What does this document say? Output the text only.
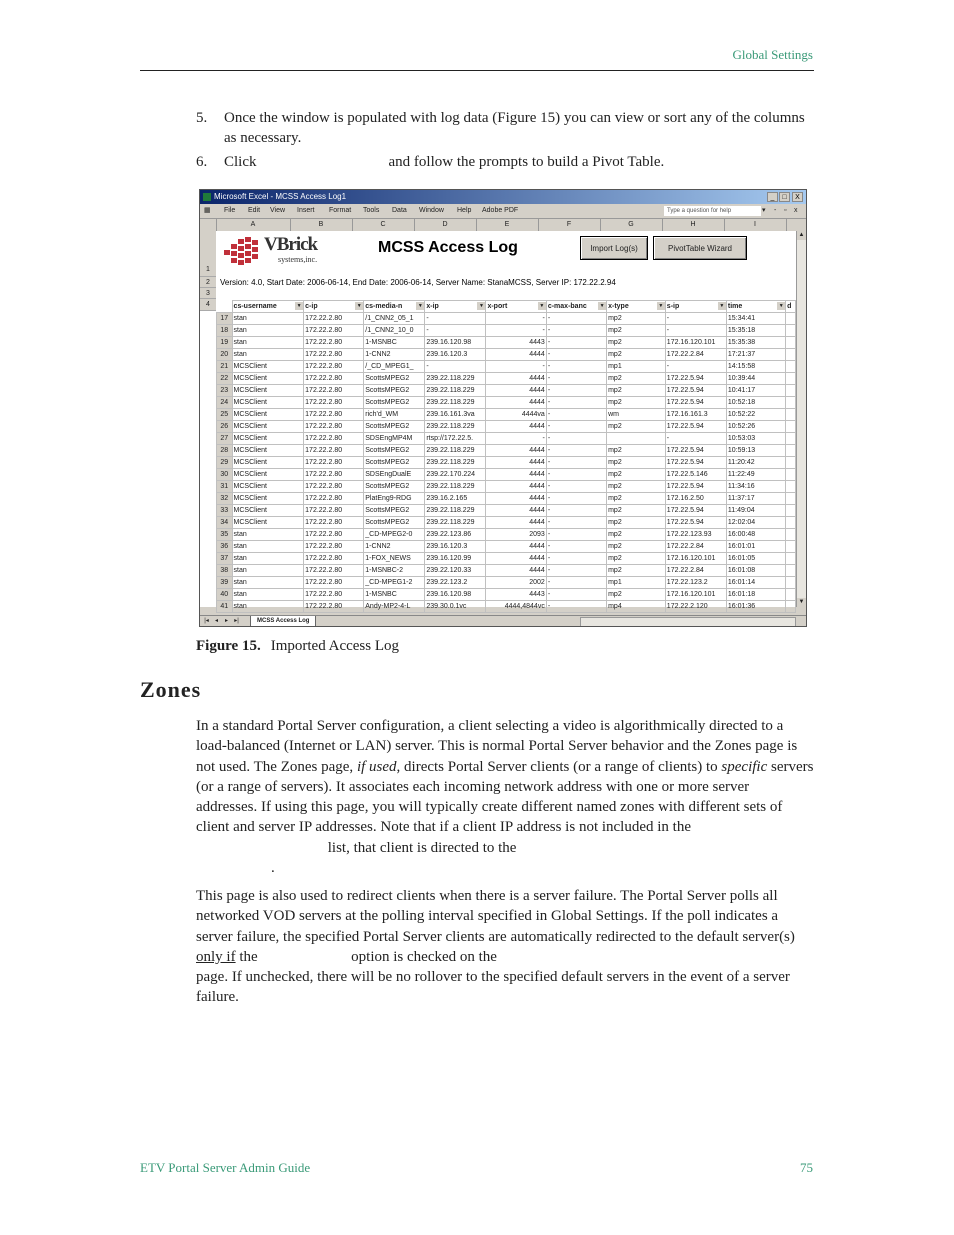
Global Settings
5.	Once the window is populated with log data (Figure 15) you can view or sort any of the columns as necessary.
6.	Click	and follow the prompts to build a Pivot Table.
Microsoft Excel - MCSS Access Log1	_	□	X
▦ File Edit View Insert Format Tools Data Window Help Adobe PDF	Type a question for help	▾ - ▫ x
A	B	C	D	E	F	G	H	I
1
2
3
4
VBrick
systems,inc.
MCSS Access Log	Import Log(s)	PivotTable Wizard
Version: 4.0, Start Date: 2006-06-14, End Date: 2006-06-14, Server Name: StanaMCSS, Server IP: 172.22.2.94
	cs-username ▼	c-ip ▼	cs-media-n ▼	x-ip ▼	x-port ▼	c-max-banc ▼	x-type ▼	s-ip ▼	time ▼	d
17	stan	172.22.2.80	/1_CNN2_05_1	-	-	-	mp2	-	15:34:41	
18	stan	172.22.2.80	/1_CNN2_10_0	-	-	-	mp2	-	15:35:18	
19	stan	172.22.2.80	1-MSNBC	239.16.120.98	4443	-	mp2	172.16.120.101	15:35:38	
20	stan	172.22.2.80	1-CNN2	239.16.120.3	4444	-	mp2	172.22.2.84	17:21:37	
21	MCSClient	172.22.2.80	/_CD_MPEG1_	-	-	-	mp1	-	14:15:58	
22	MCSClient	172.22.2.80	ScottsMPEG2	239.22.118.229	4444	-	mp2	172.22.5.94	10:39:44	
23	MCSClient	172.22.2.80	ScottsMPEG2	239.22.118.229	4444	-	mp2	172.22.5.94	10:41:17	
24	MCSClient	172.22.2.80	ScottsMPEG2	239.22.118.229	4444	-	mp2	172.22.5.94	10:52:18	
25	MCSClient	172.22.2.80	rich'd_WM	239.16.161.3va	4444va	-	wm	172.16.161.3	10:52:22	
26	MCSClient	172.22.2.80	ScottsMPEG2	239.22.118.229	4444	-	mp2	172.22.5.94	10:52:26	
27	MCSClient	172.22.2.80	SDSEngMP4M	rtsp://172.22.5.	-	-		-	10:53:03	
28	MCSClient	172.22.2.80	ScottsMPEG2	239.22.118.229	4444	-	mp2	172.22.5.94	10:59:13	
29	MCSClient	172.22.2.80	ScottsMPEG2	239.22.118.229	4444	-	mp2	172.22.5.94	11:20:42	
30	MCSClient	172.22.2.80	SDSEngDualE	239.22.170.224	4444	-	mp2	172.22.5.146	11:22:49	
31	MCSClient	172.22.2.80	ScottsMPEG2	239.22.118.229	4444	-	mp2	172.22.5.94	11:34:16	
32	MCSClient	172.22.2.80	PlatEng9-RDG	239.16.2.165	4444	-	mp2	172.16.2.50	11:37:17	
33	MCSClient	172.22.2.80	ScottsMPEG2	239.22.118.229	4444	-	mp2	172.22.5.94	11:49:04	
34	MCSClient	172.22.2.80	ScottsMPEG2	239.22.118.229	4444	-	mp2	172.22.5.94	12:02:04	
35	stan	172.22.2.80	_CD-MPEG2-0	239.22.123.86	2093	-	mp2	172.22.123.93	16:00:48	
36	stan	172.22.2.80	1-CNN2	239.16.120.3	4444	-	mp2	172.22.2.84	16:01:01	
37	stan	172.22.2.80	1-FOX_NEWS	239.16.120.99	4444	-	mp2	172.16.120.101	16:01:05	
38	stan	172.22.2.80	1-MSNBC-2	239.22.120.33	4444	-	mp2	172.22.2.84	16:01:08	
39	stan	172.22.2.80	_CD-MPEG1-2	239.22.123.2	2002	-	mp1	172.22.123.2	16:01:14	
40	stan	172.22.2.80	1-MSNBC	239.16.120.98	4443	-	mp2	172.16.120.101	16:01:18	
41	stan	172.22.2.80	Andy-MP2-4-L	239.30.0.1vc	4444,4844vc	-	mp4	172.22.2.120	16:01:36	
▲
▼
|◂	◂	▸	▸|	MCSS Access Log
Figure 15. Imported Access Log
Zones

In a standard Portal Server configuration, a client selecting a video is algorithmically directed to a load-balanced (Internet or LAN) server. This is normal Portal Server behavior and the Zones page is not used. The Zones page, if used, directs Portal Server clients (or a range of clients) to specific servers (or a range of servers). It associates each incoming network address with one or more server addresses. If using this page, you will typically create different named zones with different sets of client and server IP addresses. Note that if a client IP address is not included in the  list, that client is directed to the
.

This page is also used to redirect clients when there is a server failure. The Portal Server polls all networked VOD servers at the polling interval specified in Global Settings. If the poll indicates a server failure, the specified Portal Server clients are automatically redirected to the default server(s) only if the	option is checked on the
page. If unchecked, there will be no rollover to the specified default servers in the event of a server failure.

ETV Portal Server Admin Guide	75
